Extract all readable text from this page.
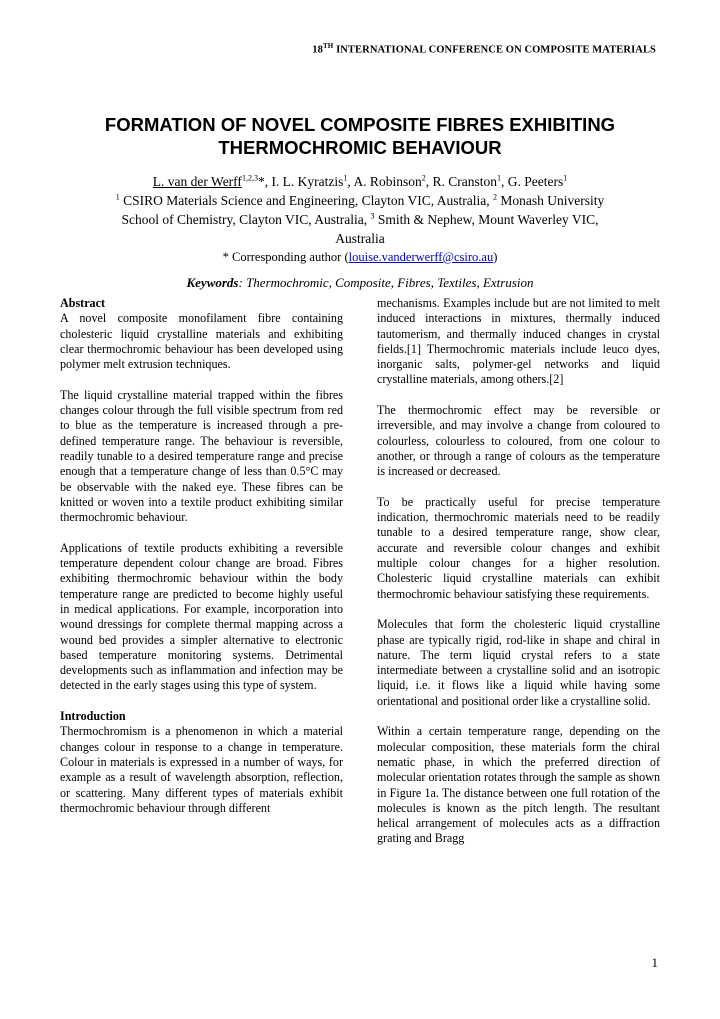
18TH INTERNATIONAL CONFERENCE ON COMPOSITE MATERIALS
FORMATION OF NOVEL COMPOSITE FIBRES EXHIBITING
THERMOCHROMIC BEHAVIOUR
L. van der Werff$^{1,2,3}$*, I. L. Kyratzis$^1$, A. Robinson$^2$, R. Cranston$^1$, G. Peeters$^1$
$^1$ CSIRO Materials Science and Engineering, Clayton VIC, Australia, $^2$ Monash University School of Chemistry, Clayton VIC, Australia, $^3$ Smith & Nephew, Mount Waverley VIC, Australia
* Corresponding author (louise.vanderwerff@csiro.au)
Keywords: Thermochromic, Composite, Fibres, Textiles, Extrusion
Abstract

A novel composite monofilament fibre containing cholesteric liquid crystalline materials and exhibiting clear thermochromic behaviour has been developed using polymer melt extrusion techniques.

The liquid crystalline material trapped within the fibres changes colour through the full visible spectrum from red to blue as the temperature is increased through a pre-defined temperature range. The behaviour is reversible, readily tunable to a desired temperature range and precise enough that a temperature change of less than 0.5°C may be observable with the naked eye. These fibres can be knitted or woven into a textile product exhibiting similar thermochromic behaviour.

Applications of textile products exhibiting a reversible temperature dependent colour change are broad. Fibres exhibiting thermochromic behaviour within the body temperature range are predicted to become highly useful in medical applications. For example, incorporation into wound dressings for complete thermal mapping across a wound bed provides a simpler alternative to electronic based temperature monitoring systems. Detrimental developments such as inflammation and infection may be detected in the early stages using this type of system.

Introduction

Thermochromism is a phenomenon in which a material changes colour in response to a change in temperature. Colour in materials is expressed in a number of ways, for example as a result of wavelength absorption, reflection, or scattering. Many different types of materials exhibit thermochromic behaviour through different

mechanisms. Examples include but are not limited to melt induced interactions in mixtures, thermally induced tautomerism, and thermally induced changes in crystal fields.[1] Thermochromic materials include leuco dyes, inorganic salts, polymer-gel networks and liquid crystalline materials, among others.[2]

The thermochromic effect may be reversible or irreversible, and may involve a change from coloured to colourless, colourless to coloured, from one colour to another, or through a range of colours as the temperature is increased or decreased.

To be practically useful for precise temperature indication, thermochromic materials need to be readily tunable to a desired temperature range, show clear, accurate and reversible colour changes and exhibit multiple colour changes for a higher resolution. Cholesteric liquid crystalline materials can exhibit thermochromic behaviour satisfying these requirements.

Molecules that form the cholesteric liquid crystalline phase are typically rigid, rod-like in shape and chiral in nature. The term liquid crystal refers to a state intermediate between a crystalline solid and an isotropic liquid, i.e. it flows like a liquid while having some orientational and positional order like a crystalline solid.

Within a certain temperature range, depending on the molecular composition, these materials form the chiral nematic phase, in which the preferred direction of molecular orientation rotates through the sample as shown in Figure 1a. The distance between one full rotation of the molecules is known as the pitch length. The resultant helical arrangement of molecules acts as a diffraction grating and Bragg

1
